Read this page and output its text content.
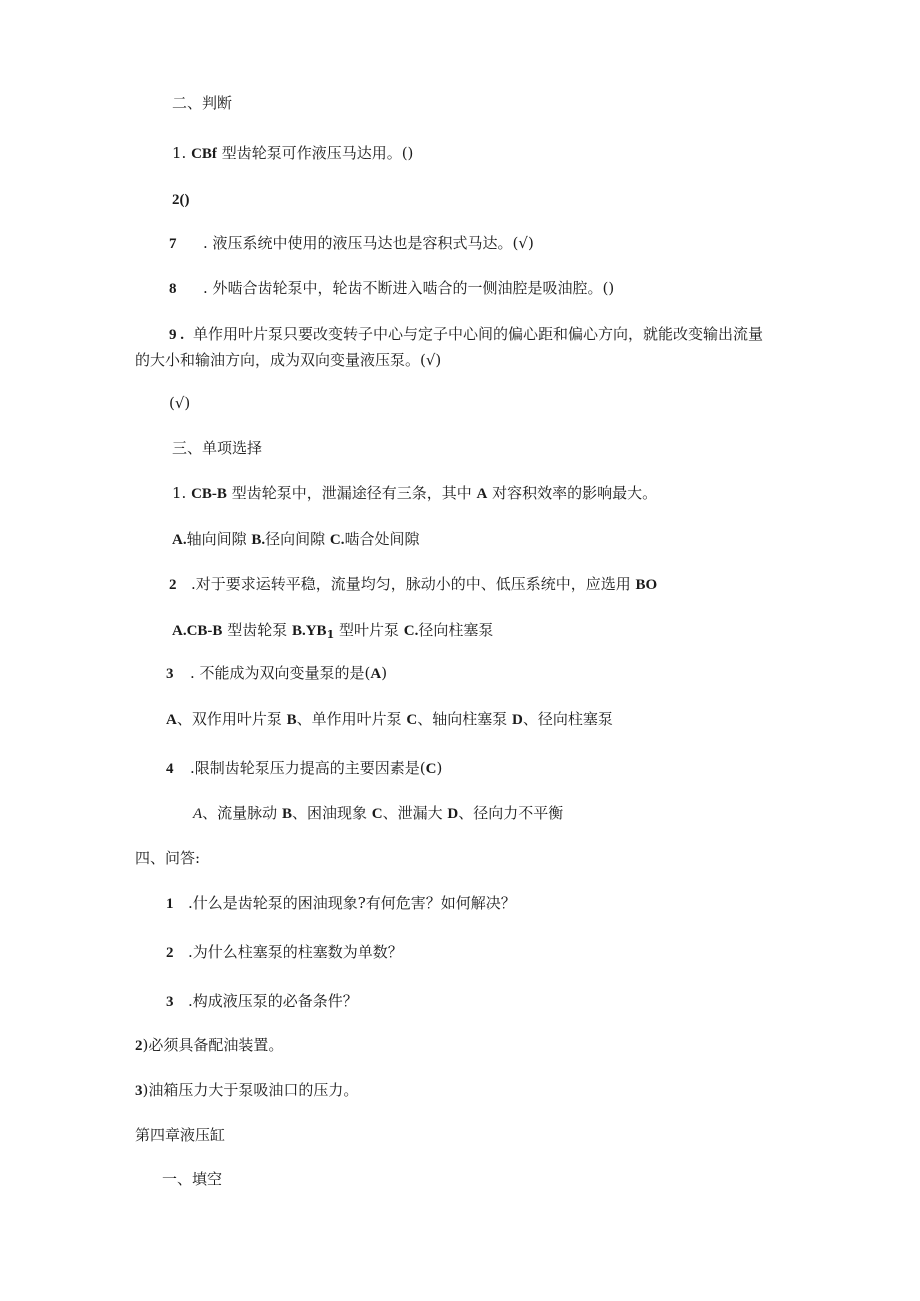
二、判断
1. CBf 型齿轮泵可作液压马达用。()
2()
7 . 液压系统中使用的液压马达也是容积式马达。(√)
8 . 外啮合齿轮泵中，轮齿不断进入啮合的一侧油腔是吸油腔。()
9 . 单作用叶片泵只要改变转子中心与定子中心间的偏心距和偏心方向，就能改变输出流量
的大小和输油方向，成为双向变量液压泵。(√)
(√)
三、单项选择
1. CB-B 型齿轮泵中，泄漏途径有三条，其中 A 对容积效率的影响最大。
A.轴向间隙 B.径向间隙 C.啮合处间隙
2 .对于要求运转平稳，流量均匀，脉动小的中、低压系统中，应选用 BO
A.CB-B 型齿轮泵 $B.YB_1$ 型叶片泵 C.径向柱塞泵
3 . 不能成为双向变量泵的是(A)
A、双作用叶片泵 B、单作用叶片泵 C、轴向柱塞泵 D、径向柱塞泵
4 .限制齿轮泵压力提高的主要因素是(C)
A、流量脉动 B、困油现象 C、泄漏大 D、径向力不平衡
四、问答:
1 .什么是齿轮泵的困油现象?有何危害？如何解决？
2 .为什么柱塞泵的柱塞数为单数？
3 .构成液压泵的必备条件？
2)必须具备配油装置。
3)油箱压力大于泵吸油口的压力。
第四章液压缸
一、填空
